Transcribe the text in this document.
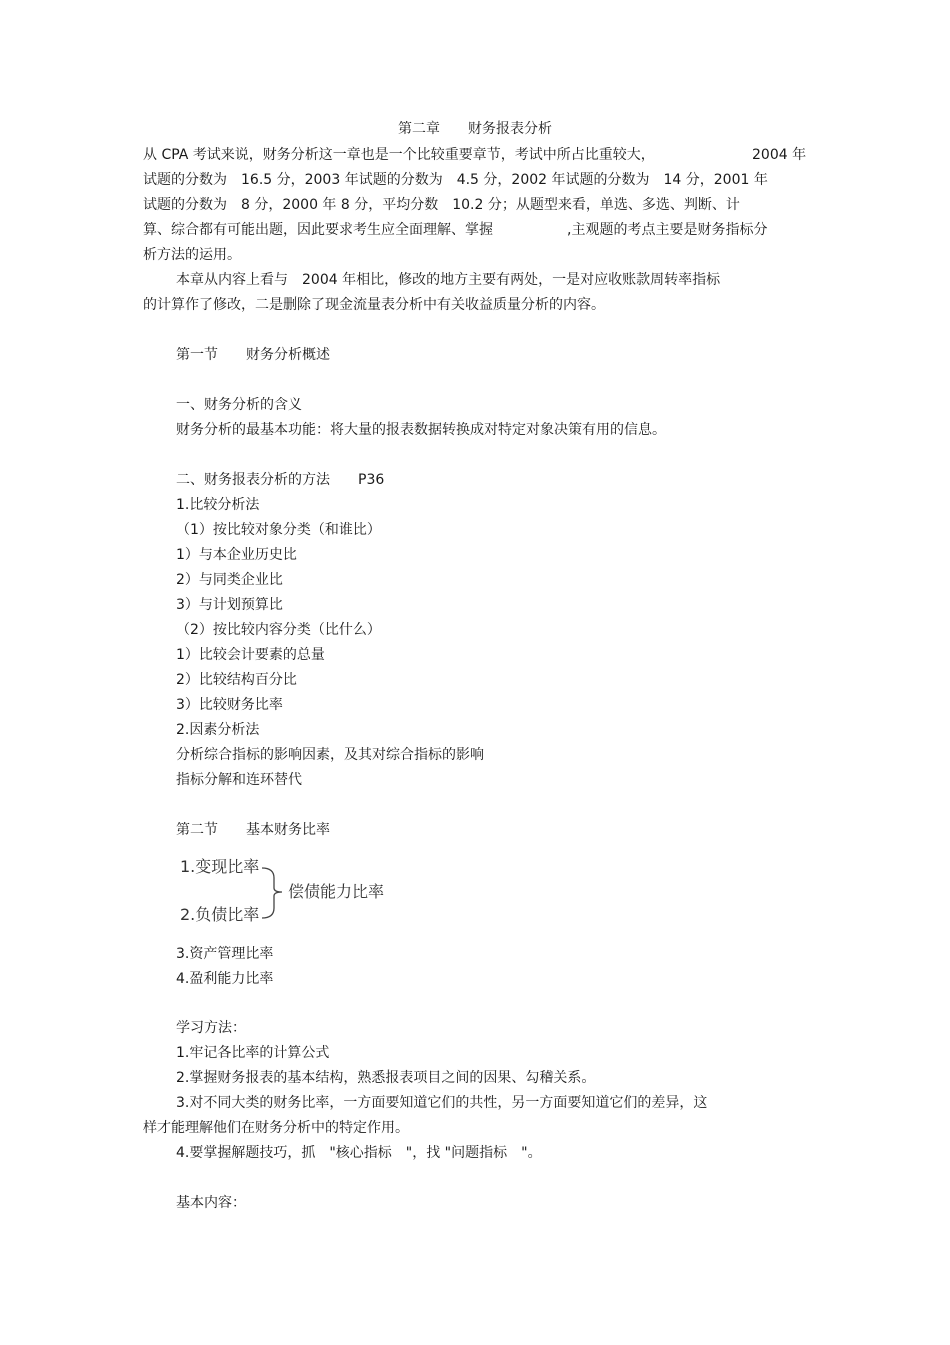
第二章　　财务报表分析
从 CPA 考试来说，财务分析这一章也是一个比较重要章节，考试中所占比重较大，	2004 年
试题的分数为　16.5 分，2003 年试题的分数为　4.5 分，2002 年试题的分数为　14 分，2001 年
试题的分数为　8 分，2000 年 8 分，平均分数　10.2 分；从题型来看，单选、多选、判断、计
算、综合都有可能出题，因此要求考生应全面理解、掌握	,主观题的考点主要是财务指标分
析方法的运用。
本章从内容上看与　2004 年相比，修改的地方主要有两处，一是对应收账款周转率指标
的计算作了修改，二是删除了现金流量表分析中有关收益质量分析的内容。
第一节　　财务分析概述
一、财务分析的含义
财务分析的最基本功能：将大量的报表数据转换成对特定对象决策有用的信息。
二、财务报表分析的方法　　P36
1.比较分析法
（1）按比较对象分类（和谁比）
1）与本企业历史比
2）与同类企业比
3）与计划预算比
（2）按比较内容分类（比什么）
1）比较会计要素的总量
2）比较结构百分比
3）比较财务比率
2.因素分析法
分析综合指标的影响因素，及其对综合指标的影响
指标分解和连环替代
第二节　　基本财务比率
1.变现比率
2.负债比率
偿债能力比率
3.资产管理比率
4.盈利能力比率
学习方法：
1.牢记各比率的计算公式
2.掌握财务报表的基本结构，熟悉报表项目之间的因果、勾稽关系。
3.对不同大类的财务比率，一方面要知道它们的共性，另一方面要知道它们的差异，这
样才能理解他们在财务分析中的特定作用。
4.要掌握解题技巧，抓　"核心指标　"，找 "问题指标　"。
基本内容：
